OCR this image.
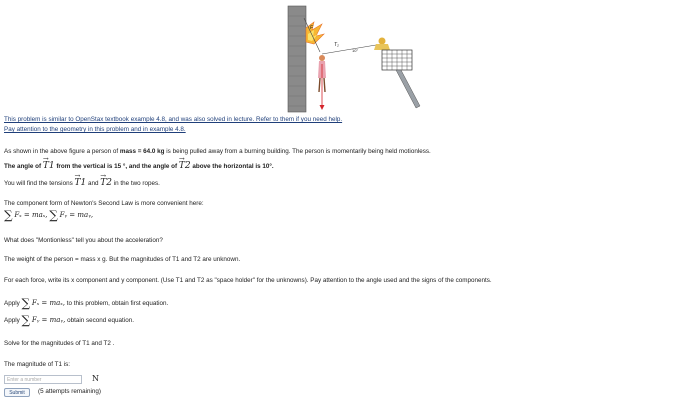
F
T₂
10°
This problem is similar to OpenStax textbook example 4.8, and was also solved in lecture. Refer to them if you need help.
Pay attention to the geometry in this problem and in example 4.8.
As shown in the above figure a person of mass = 64.0 kg is being pulled away from a burning building. The person is momentarily being held motionless.
The angle of → T1 from the vertical is 15 °, and the angle of → T2 above the horizontal is 10°.
You will find the tensions → T1 and → T2 in the two ropes.
The component form of Newton's Second Law is more convenient here:
∑ Fₓ = maₓ, ∑ Fᵧ = maᵧ,
What does "Montionless" tell you about the acceleration?
The weight of the person = mass x g. But the magnitudes of T1 and T2 are unknown.
For each force, write its x component and y component. (Use T1 and T2 as "space holder" for the unknowns). Pay attention to the angle used and the signs of the components.
Apply ∑ Fₓ = maₓ, to this problem, obtain first equation.
Apply ∑ Fᵧ = maᵧ, obtain second equation.
Solve for the magnitudes of T1 and T2 .
The magnitude of T1 is:
Enter a number	N
Submit	(5 attempts remaining)
